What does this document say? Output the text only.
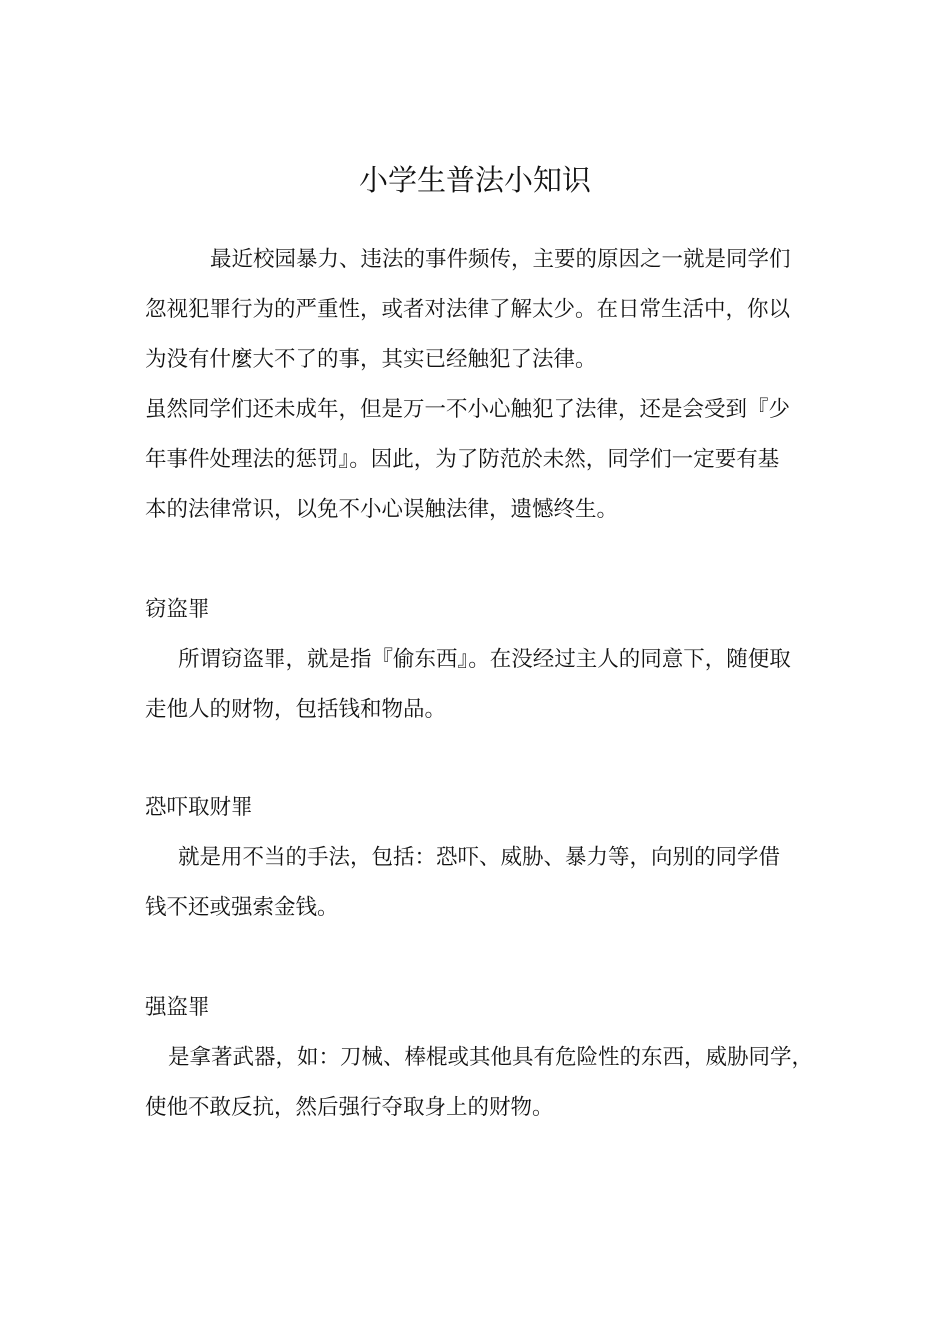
小学生普法小知识
最近校园暴力、违法的事件频传，主要的原因之一就是同学们
忽视犯罪行为的严重性，或者对法律了解太少。在日常生活中，你以
为没有什麼大不了的事，其实已经触犯了法律。
虽然同学们还未成年，但是万一不小心触犯了法律，还是会受到『少
年事件处理法的惩罚』。因此，为了防范於未然，同学们一定要有基
本的法律常识，以免不小心误触法律，遗憾终生。
窃盗罪
所谓窃盗罪，就是指『偷东西』。在没经过主人的同意下，随便取
走他人的财物，包括钱和物品。
恐吓取财罪
就是用不当的手法，包括：恐吓、威胁、暴力等，向别的同学借
钱不还或强索金钱。
强盗罪
是拿著武器，如：刀械、棒棍或其他具有危险性的东西，威胁同学，
使他不敢反抗，然后强行夺取身上的财物。
